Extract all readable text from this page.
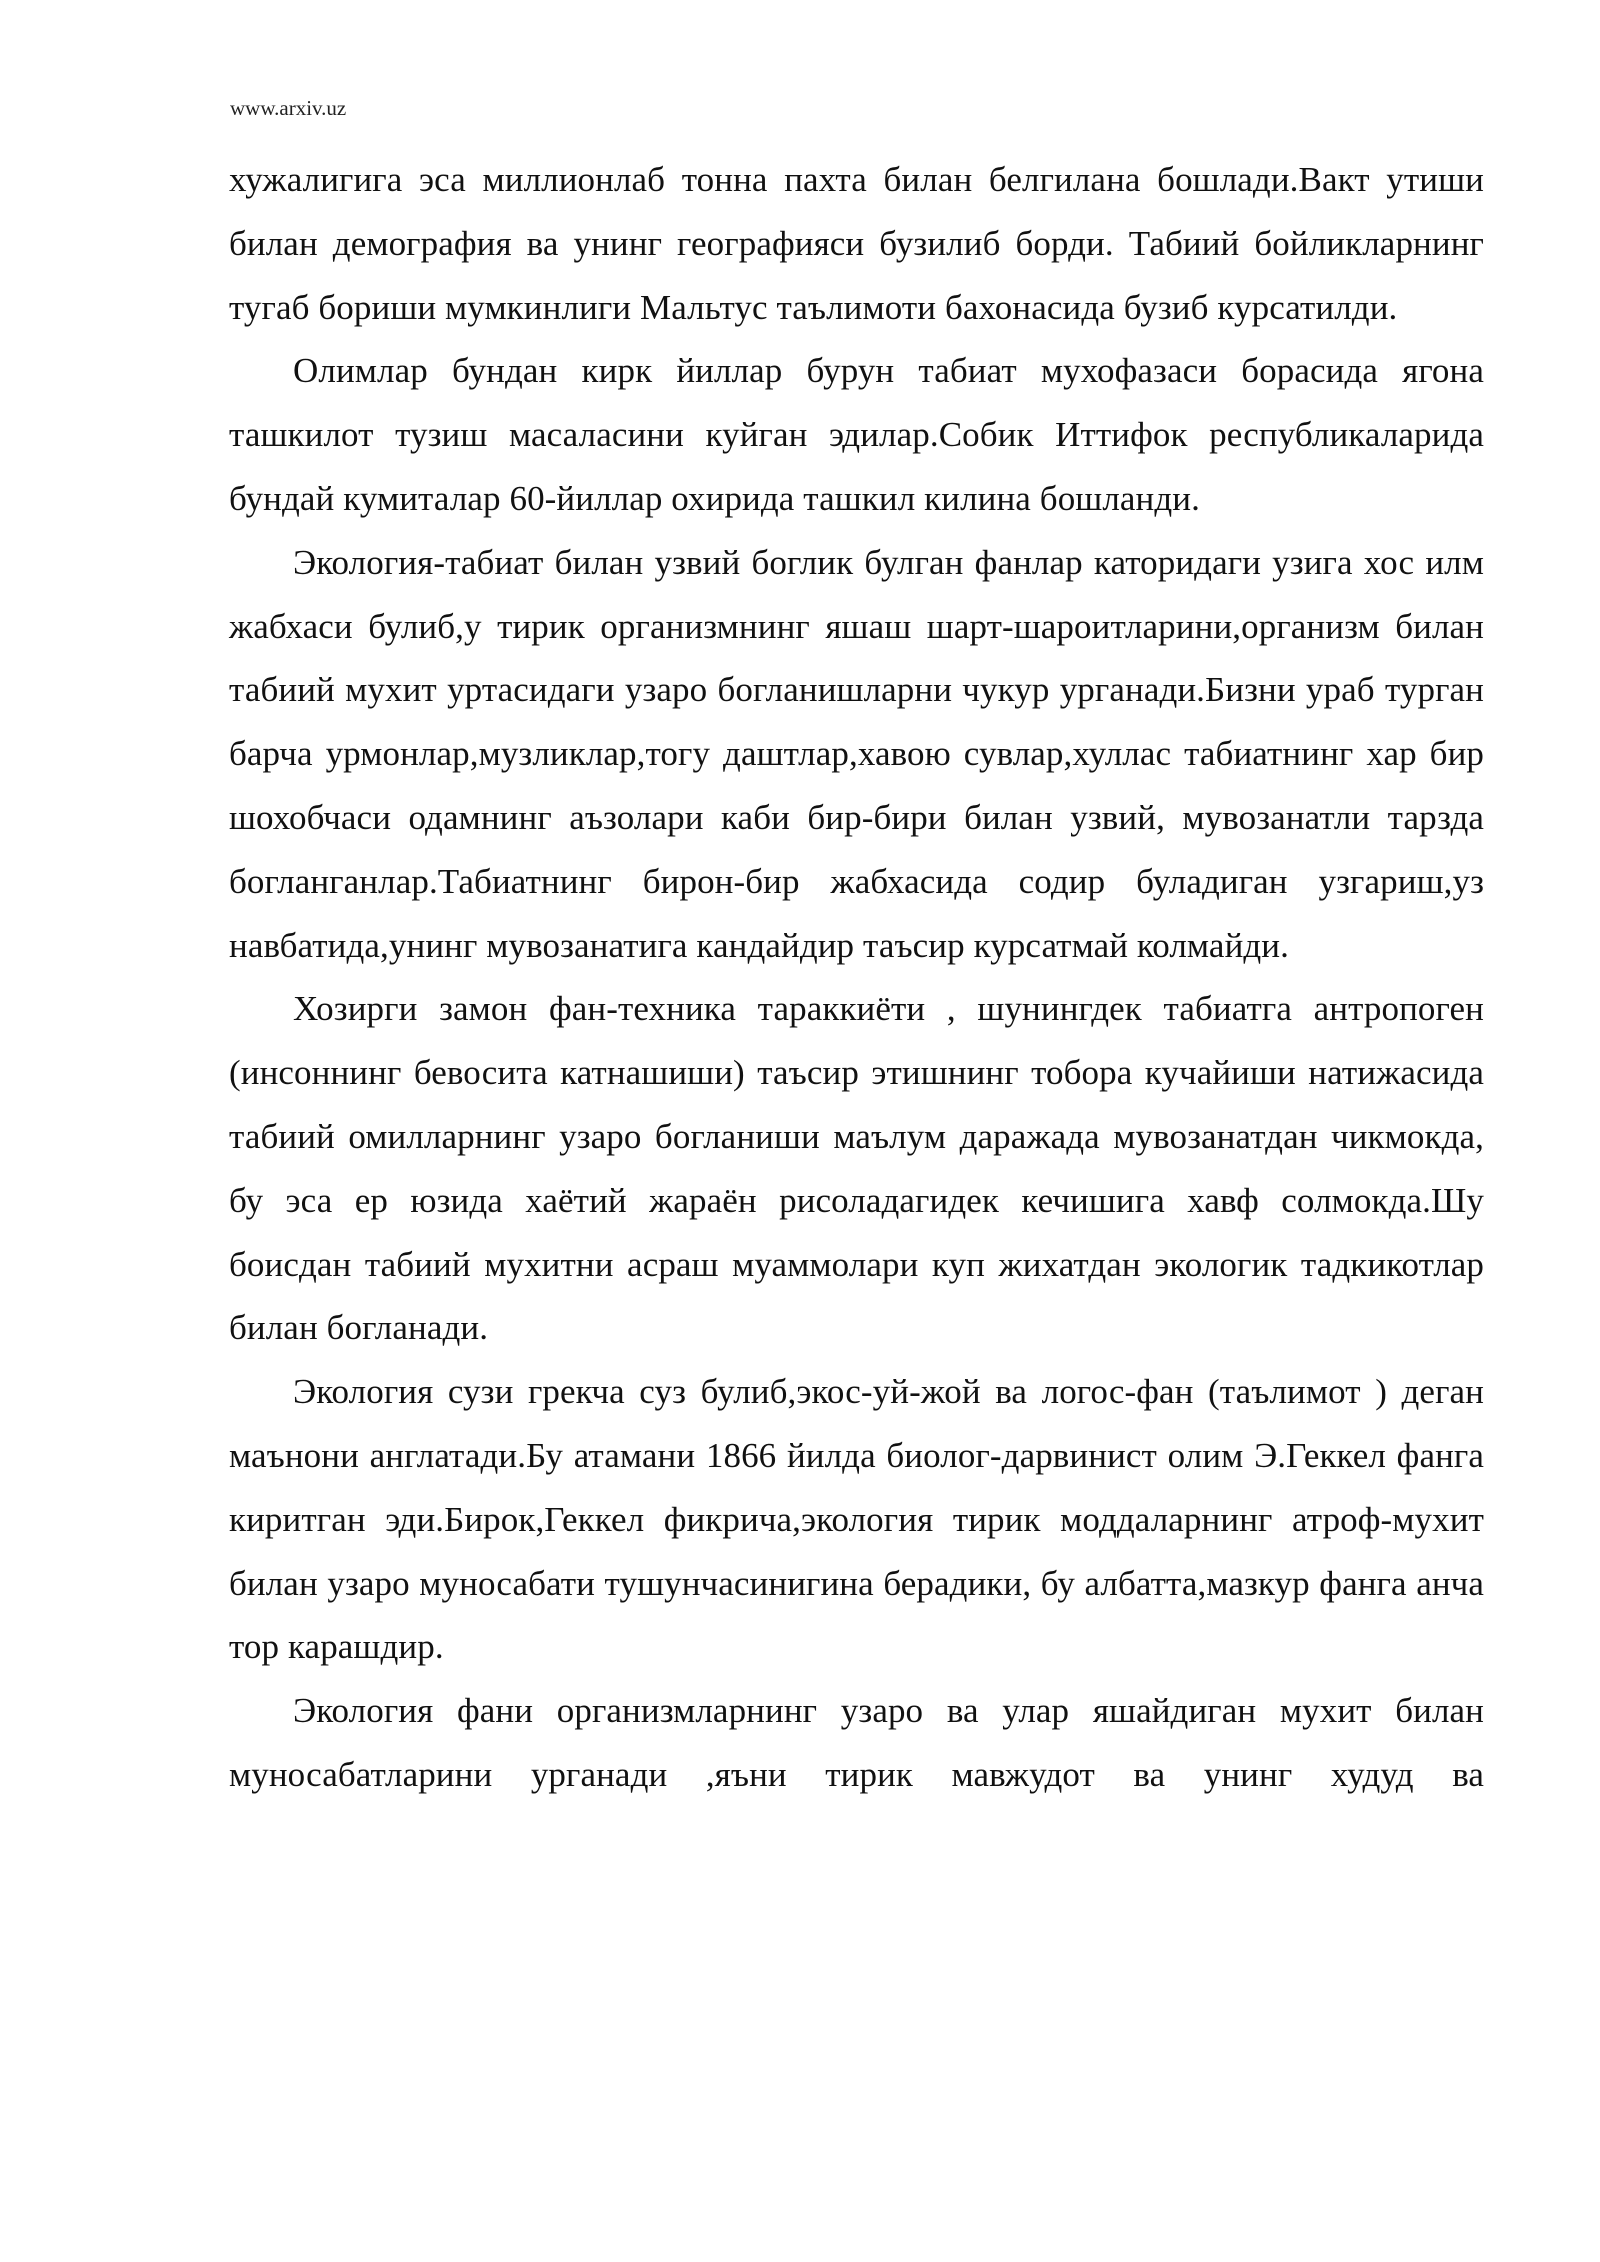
www.arxiv.uz

хужалигига эса миллионлаб тонна пахта билан белгилана бошлади.Вакт утиши билан демография ва унинг географияси бузилиб борди. Табиий бойликларнинг тугаб бориши мумкинлиги Мальтус таълимоти бахонасида бузиб курсатилди.

Олимлар бундан кирк йиллар бурун табиат мухофазаси борасида ягона ташкилот тузиш масаласини куйган эдилар.Собик Иттифок республикаларида бундай кумиталар 60-йиллар охирида ташкил килина бошланди.

Экология-табиат билан узвий боглик булган фанлар каторидаги узига хос илм жабхаси булиб,у тирик организмнинг яшаш шарт-шароитларини,организм билан табиий мухит уртасидаги узаро богланишларни чукур урганади.Бизни ураб турган барча урмонлар,музликлар,тогу даштлар,хавою сувлар,хуллас табиатнинг хар бир шохобчаси одамнинг аъзолари каби бир-бири билан узвий, мувозанатли тарзда богланганлар.Табиатнинг бирон-бир жабхасида содир буладиган узгариш,уз навбатида,унинг мувозанатига кандайдир таъсир курсатмай колмайди.

Хозирги замон фан-техника тараккиёти , шунингдек табиатга антропоген (инсоннинг бевосита катнашиши) таъсир этишнинг тобора кучайиши натижасида табиий омилларнинг узаро богланиши маълум даражада мувозанатдан чикмокда, бу эса ер юзида хаётий жараён рисоладагидек кечишига хавф солмокда.Шу боисдан табиий мухитни асраш муаммолари куп жихатдан экологик тадкикотлар билан богланади.

Экология сузи грекча суз булиб,экос-уй-жой ва логос-фан (таълимот ) деган маънони англатади.Бу атамани 1866 йилда биолог-дарвинист олим Э.Геккел фанга киритган эди.Бирок,Геккел фикрича,экология тирик моддаларнинг атроф-мухит билан узаро муносабати тушунчасинигина берадики, бу албатта,мазкур фанга анча тор карашдир.

Экология фани организмларнинг узаро ва улар яшайдиган мухит билан муносабатларини урганади ,яъни тирик мавжудот ва унинг худуд ва
